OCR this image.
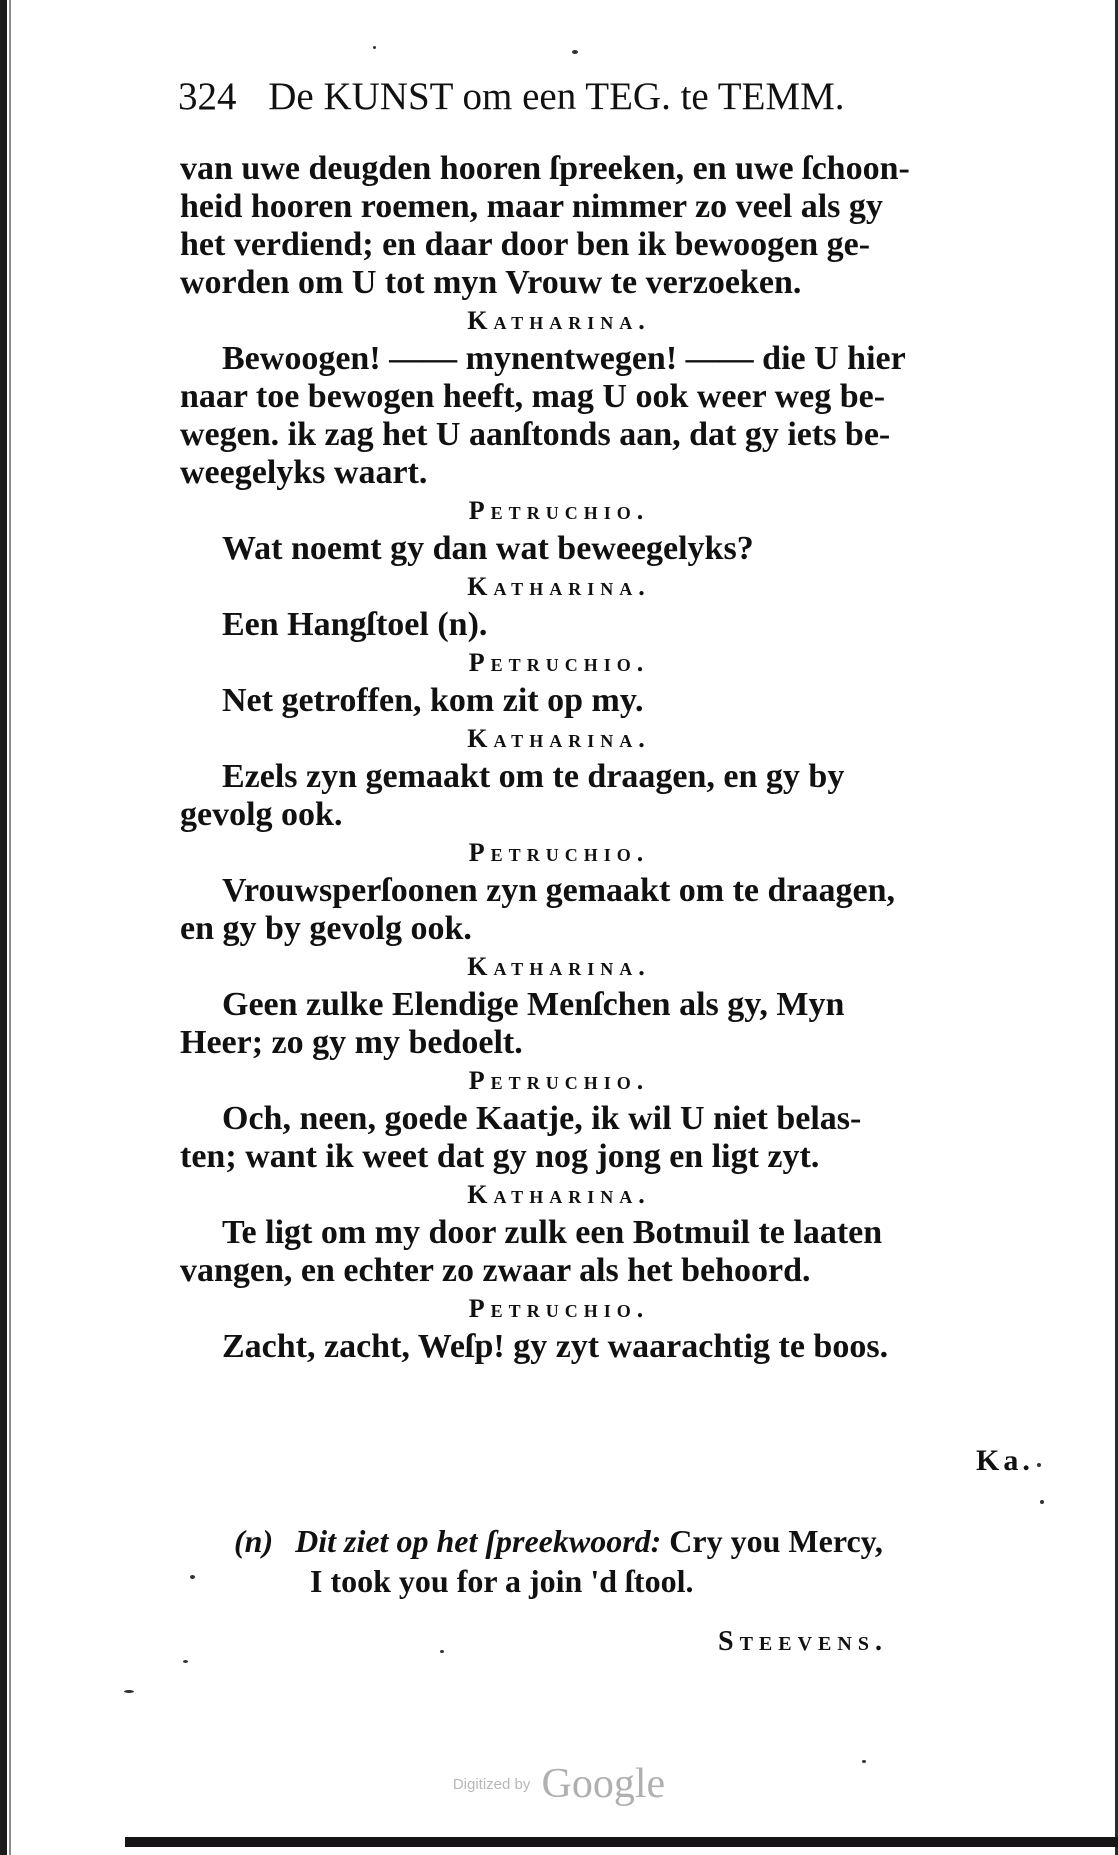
324 De KUNST om een TEG. te TEMM.
van uwe deugden hooren ſpreeken, en uwe ſchoon-
heid hooren roemen, maar nimmer zo veel als gy
het verdiend; en daar door ben ik bewoogen ge-
worden om U tot myn Vrouw te verzoeken.
Katharina.
Bewoogen! —— mynentwegen! —— die U hier
naar toe bewogen heeft, mag U ook weer weg be-
wegen. ik zag het U aanſtonds aan, dat gy iets be-
weegelyks waart.
Petruchio.
Wat noemt gy dan wat beweegelyks?
Katharina.
Een Hangſtoel (n).
Petruchio.
Net getroffen, kom zit op my.
Katharina.
Ezels zyn gemaakt om te draagen, en gy by
gevolg ook.
Petruchio.
Vrouwsperſoonen zyn gemaakt om te draagen,
en gy by gevolg ook.
Katharina.
Geen zulke Elendige Menſchen als gy, Myn
Heer; zo gy my bedoelt.
Petruchio.
Och, neen, goede Kaatje, ik wil U niet belas-
ten; want ik weet dat gy nog jong en ligt zyt.
Katharina.
Te ligt om my door zulk een Botmuil te laaten
vangen, en echter zo zwaar als het behoord.
Petruchio.
Zacht, zacht, Weſp! gy zyt waarachtig te boos.
Ka.
(n) Dit ziet op het ſpreekwoord: Cry you Mercy,
I took you for a join 'd ſtool.
Steevens.
Digitized by Google
